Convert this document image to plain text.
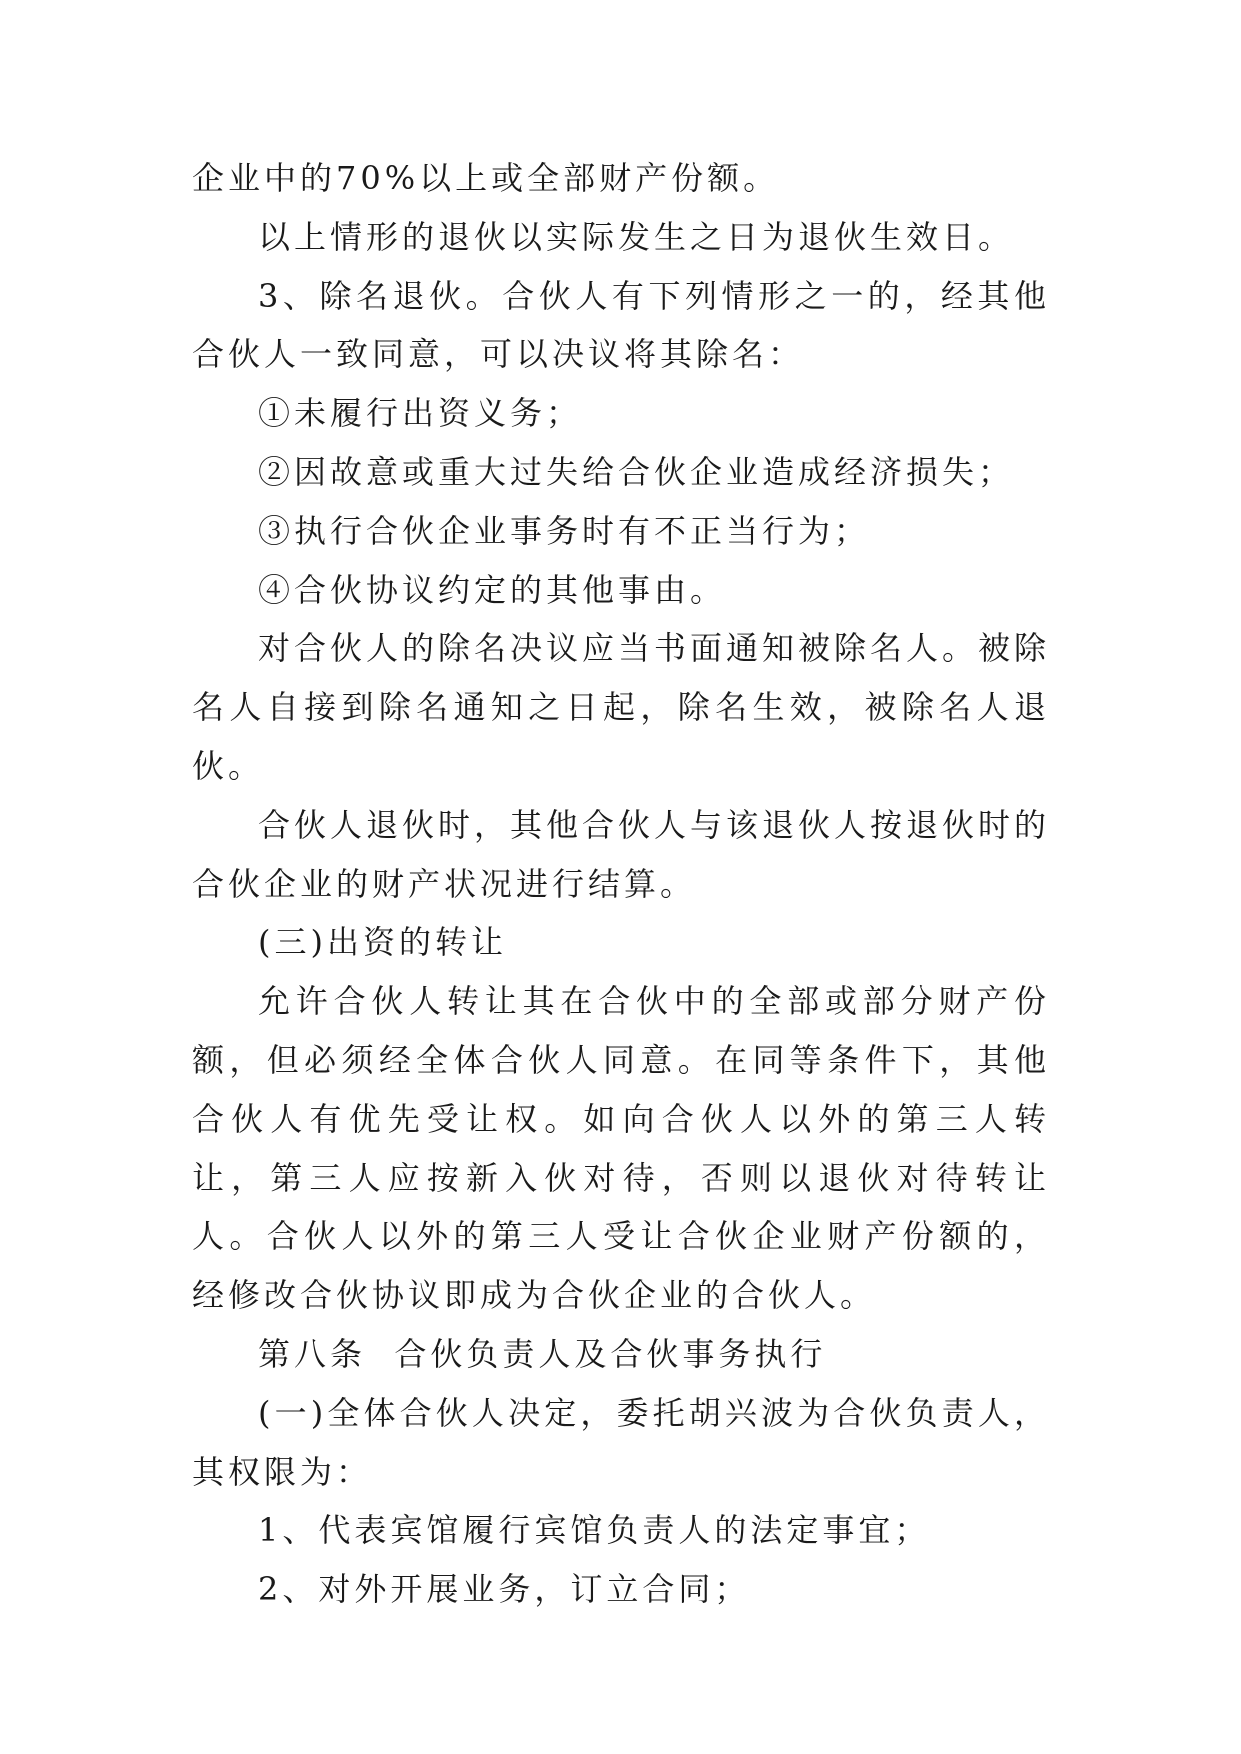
企业中的70%以上或全部财产份额。

以上情形的退伙以实际发生之日为退伙生效日。

3、除名退伙。合伙人有下列情形之一的，经其他合伙人一致同意，可以决议将其除名：

①未履行出资义务；

②因故意或重大过失给合伙企业造成经济损失；

③执行合伙企业事务时有不正当行为；

④合伙协议约定的其他事由。

对合伙人的除名决议应当书面通知被除名人。被除名人自接到除名通知之日起，除名生效，被除名人退伙。

合伙人退伙时，其他合伙人与该退伙人按退伙时的合伙企业的财产状况进行结算。

(三)出资的转让

允许合伙人转让其在合伙中的全部或部分财产份额，但必须经全体合伙人同意。在同等条件下，其他合伙人有优先受让权。如向合伙人以外的第三人转让，第三人应按新入伙对待，否则以退伙对待转让人。合伙人以外的第三人受让合伙企业财产份额的，经修改合伙协议即成为合伙企业的合伙人。

第八条  合伙负责人及合伙事务执行

(一)全体合伙人决定，委托胡兴波为合伙负责人，其权限为：

1、代表宾馆履行宾馆负责人的法定事宜；

2、对外开展业务，订立合同；
